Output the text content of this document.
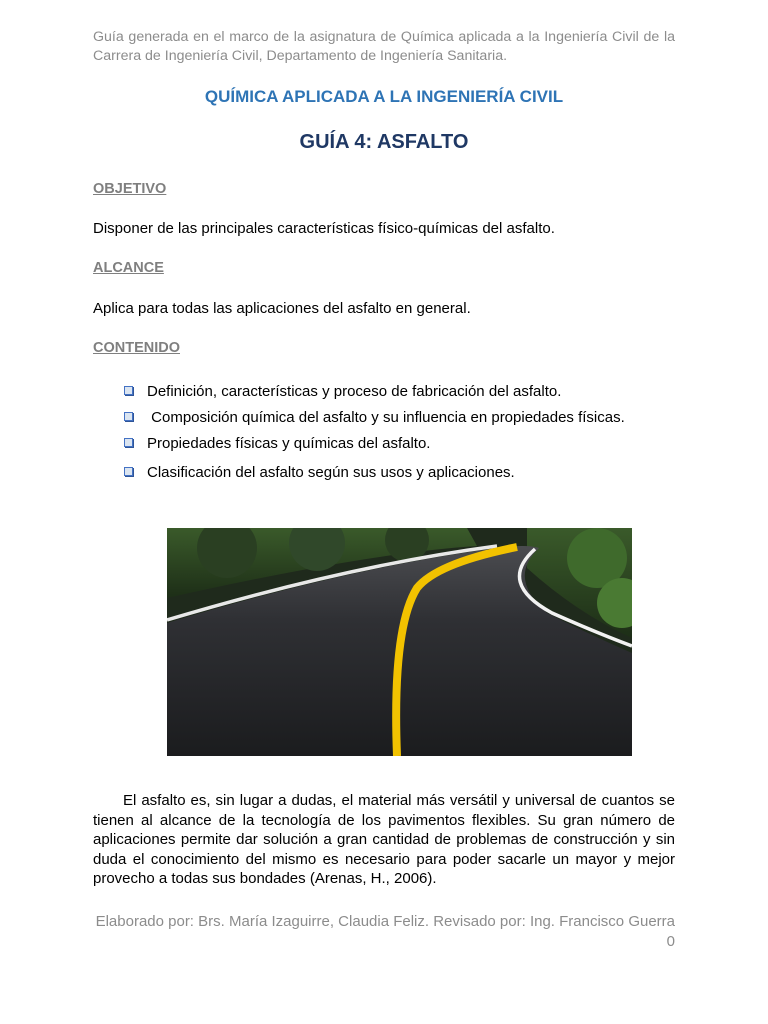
Guía generada en el marco de la asignatura de Química aplicada a la Ingeniería Civil de la Carrera de Ingeniería Civil, Departamento de Ingeniería Sanitaria.
QUÍMICA APLICADA A LA INGENIERÍA CIVIL
GUÍA 4: ASFALTO
OBJETIVO
Disponer de las principales características físico-químicas del asfalto.
ALCANCE
Aplica para todas las aplicaciones del asfalto en general.
CONTENIDO
Definición, características y proceso de fabricación del asfalto.
Composición química del asfalto y su influencia en propiedades físicas.
Propiedades físicas y químicas del asfalto.
Clasificación del asfalto según sus usos y aplicaciones.

El asfalto es, sin lugar a dudas, el material más versátil y universal de cuantos se tienen al alcance de la tecnología de los pavimentos flexibles. Su gran número de aplicaciones permite dar solución a gran cantidad de problemas de construcción y sin duda el conocimiento del mismo es necesario para poder sacarle un mayor y mejor provecho a todas sus bondades (Arenas, H., 2006).

Elaborado por: Brs. María Izaguirre, Claudia Feliz. Revisado por: Ing. Francisco Guerra
0
